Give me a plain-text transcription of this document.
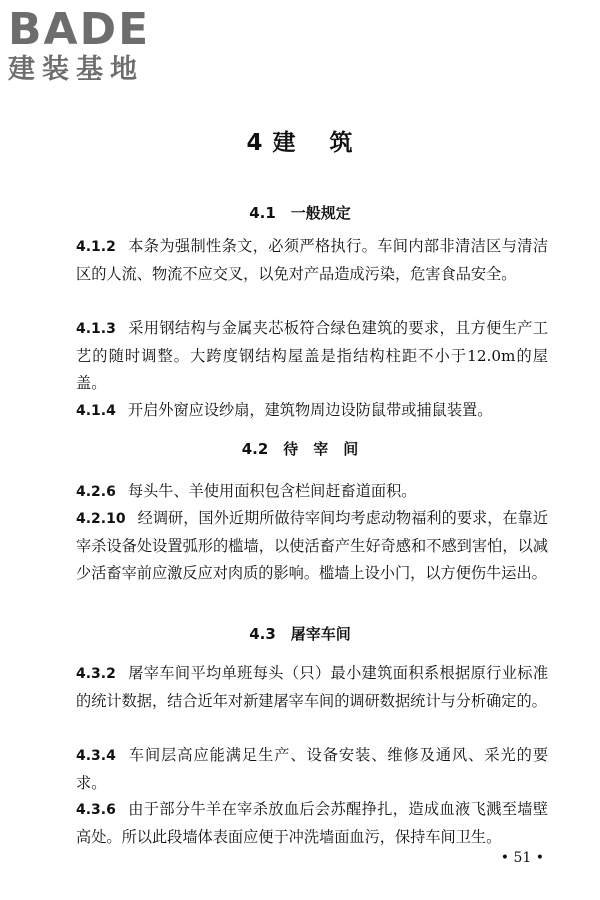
BADE

建装基地

4 建　 筑
4.1　一般规定

4.1.2 本条为强制性条文，必须严格执行。车间内部非清洁区与清洁区的人流、物流不应交叉，以免对产品造成污染，危害食品安全。

4.1.3 采用钢结构与金属夹芯板符合绿色建筑的要求，且方便生产工艺的随时调整。大跨度钢结构屋盖是指结构柱距不小于12.0m的屋盖。

4.1.4 开启外窗应设纱扇，建筑物周边设防鼠带或捕鼠装置。

4.2　待　宰　间

4.2.6 每头牛、羊使用面积包含栏间赶畜道面积。

4.2.10 经调研，国外近期所做待宰间均考虑动物福利的要求，在靠近宰杀设备处设置弧形的槛墙，以使活畜产生好奇感和不感到害怕，以减少活畜宰前应激反应对肉质的影响。槛墙上设小门，以方便伤牛运出。

4.3　屠宰车间

4.3.2 屠宰车间平均单班每头（只）最小建筑面积系根据原行业标准的统计数据，结合近年对新建屠宰车间的调研数据统计与分析确定的。

4.3.4 车间层高应能满足生产、设备安装、维修及通风、采光的要求。

4.3.6 由于部分牛羊在宰杀放血后会苏醒挣扎，造成血液飞溅至墙壁高处。所以此段墙体表面应便于冲洗墙面血污，保持车间卫生。

• 51 •
